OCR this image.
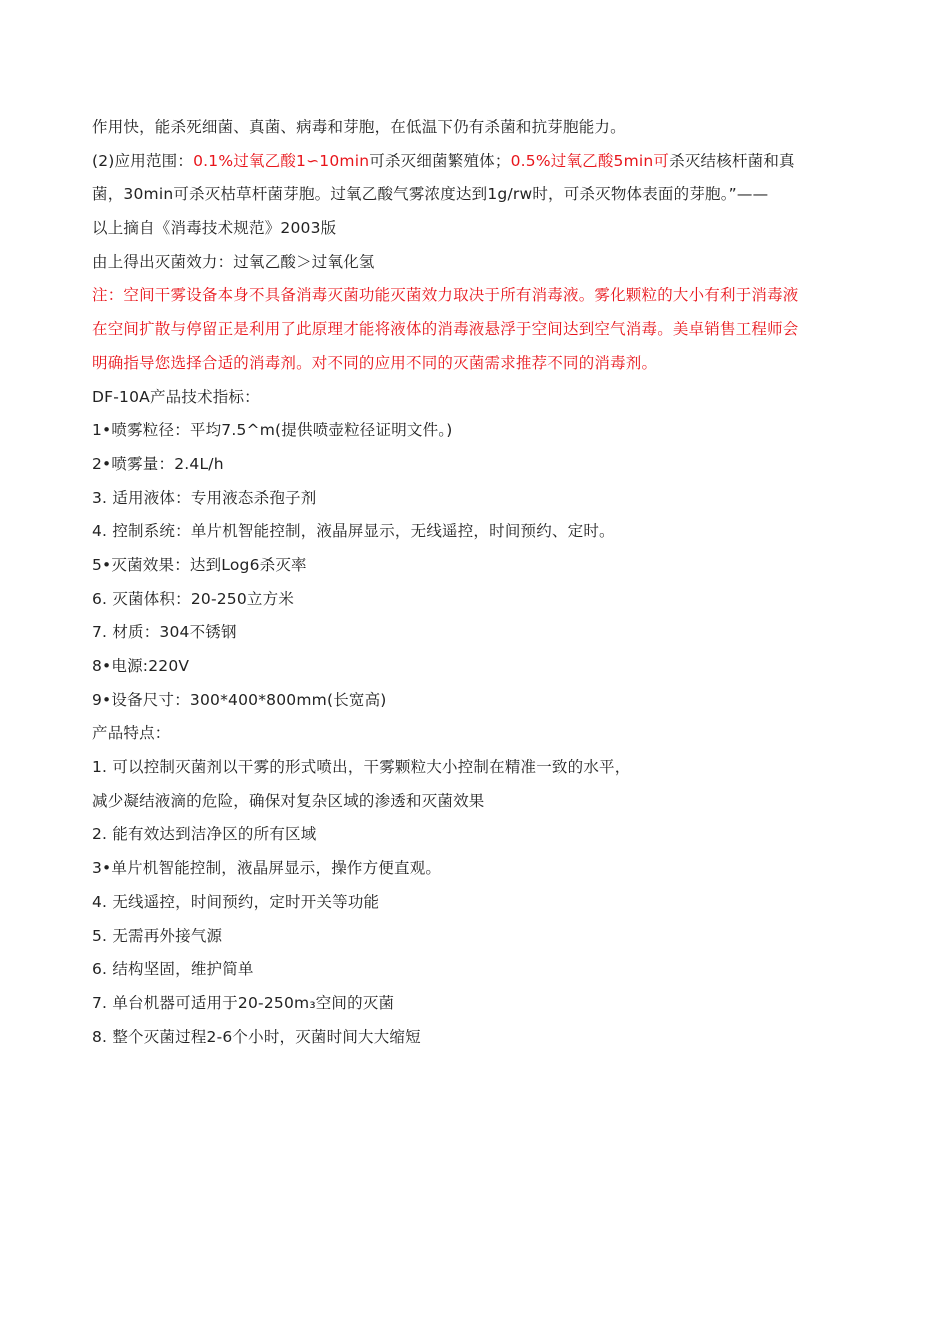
作用快，能杀死细菌、真菌、病毒和芽胞，在低温下仍有杀菌和抗芽胞能力。
(2)应用范围：0.1%过氧乙酸1∽10min可杀灭细菌繁殖体；0.5%过氧乙酸5min可杀灭结核杆菌和真
菌，30min可杀灭枯草杆菌芽胞。过氧乙酸气雾浓度达到1g/rw时，可杀灭物体表面的芽胞。”——
以上摘自《消毒技术规范》2003版
由上得出灭菌效力：过氧乙酸＞过氧化氢
注：空间干雾设备本身不具备消毒灭菌功能灭菌效力取决于所有消毒液。雾化颗粒的大小有利于消毒液
在空间扩散与停留正是利用了此原理才能将液体的消毒液悬浮于空间达到空气消毒。美卓销售工程师会
明确指导您选择合适的消毒剂。对不同的应用不同的灭菌需求推荐不同的消毒剂。
DF-10A产品技术指标：
1•喷雾粒径：平均7.5^m(提供喷壶粒径证明文件。)
2•喷雾量：2.4L/h
3. 适用液体：专用液态杀孢子剂
4. 控制系统：单片机智能控制，液晶屏显示，无线遥控，时间预约、定时。
5•灭菌效果：达到Log6杀灭率
6. 灭菌体积：20-250立方米
7. 材质：304不锈钢
8•电源:220V
9•设备尺寸：300*400*800mm(长宽高)
产品特点：
1. 可以控制灭菌剂以干雾的形式喷出，干雾颗粒大小控制在精准一致的水平，
减少凝结液滴的危险，确保对复杂区域的渗透和灭菌效果
2. 能有效达到洁净区的所有区域
3•单片机智能控制，液晶屏显示，操作方便直观。
4. 无线遥控，时间预约，定时开关等功能
5. 无需再外接气源
6. 结构坚固，维护简单
7. 单台机器可适用于20-250m₃空间的灭菌
8. 整个灭菌过程2-6个小时，灭菌时间大大缩短
